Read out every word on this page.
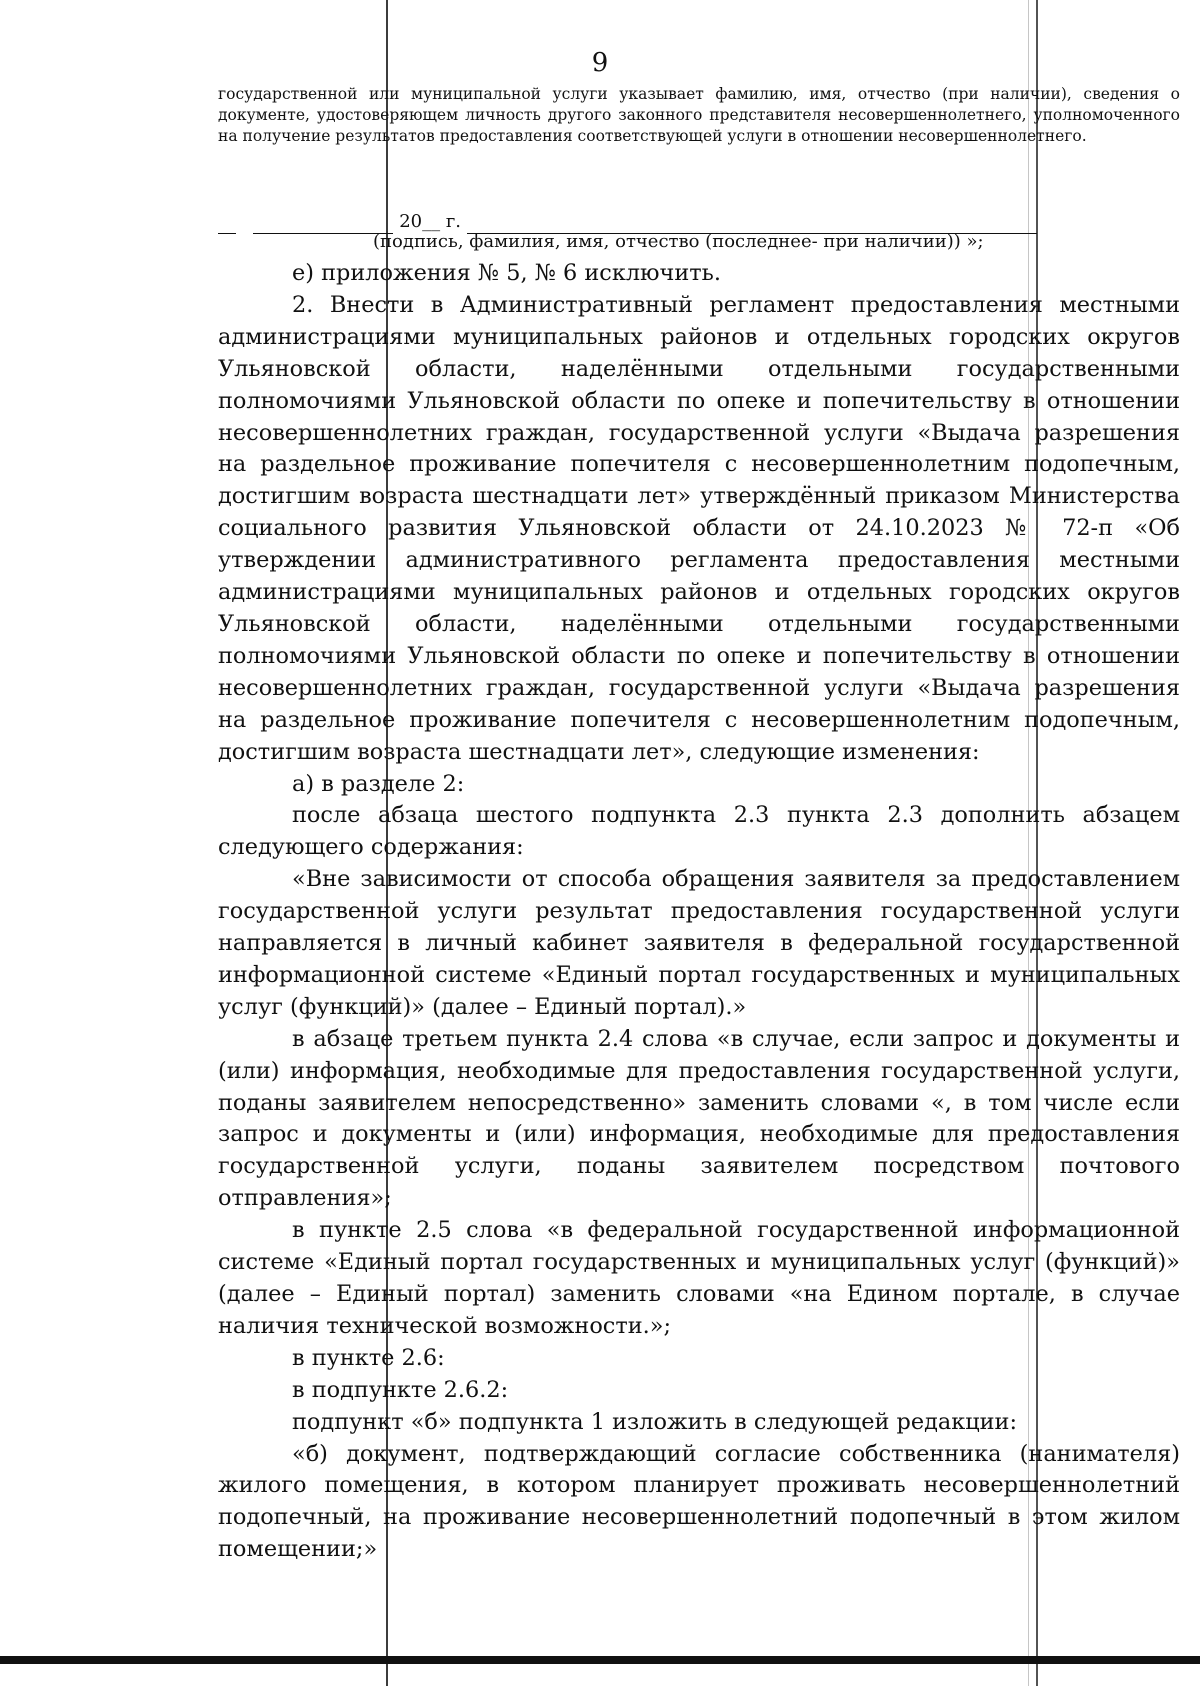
9
государственной или муниципальной услуги указывает фамилию, имя, отчество (при наличии), сведения о документе, удостоверяющем личность другого законного представителя несовершеннолетнего, уполномоченного на получение результатов предоставления соответствующей услуги в отношении несовершеннолетнего.
20__ г.
(подпись, фамилия, имя, отчество (последнее- при наличии)) »;

е) приложения № 5, № 6 исключить.

2. Внести в Административный регламент предоставления местными администрациями муниципальных районов и отдельных городских округов Ульяновской области, наделёнными отдельными государственными полномочиями Ульяновской области по опеке и попечительству в отношении несовершеннолетних граждан, государственной услуги «Выдача разрешения на раздельное проживание попечителя с несовершеннолетним подопечным, достигшим возраста шестнадцати лет» утверждённый приказом Министерства социального развития Ульяновской области от 24.10.2023 № 72-п «Об утверждении административного регламента предоставления местными администрациями муниципальных районов и отдельных городских округов Ульяновской области, наделёнными отдельными государственными полномочиями Ульяновской области по опеке и попечительству в отношении несовершеннолетних граждан, государственной услуги «Выдача разрешения на раздельное проживание попечителя с несовершеннолетним подопечным, достигшим возраста шестнадцати лет», следующие изменения:

а) в разделе 2:

после абзаца шестого подпункта 2.3 пункта 2.3 дополнить абзацем следующего содержания:

«Вне зависимости от способа обращения заявителя за предоставлением государственной услуги результат предоставления государственной услуги направляется в личный кабинет заявителя в федеральной государственной информационной системе «Единый портал государственных и муниципальных услуг (функций)» (далее – Единый портал).»

в абзаце третьем пункта 2.4 слова «в случае, если запрос и документы и (или) информация, необходимые для предоставления государственной услуги, поданы заявителем непосредственно» заменить словами «, в том числе если запрос и документы и (или) информация, необходимые для предоставления государственной услуги, поданы заявителем посредством почтового отправления»;

в пункте 2.5 слова «в федеральной государственной информационной системе «Единый портал государственных и муниципальных услуг (функций)» (далее – Единый портал) заменить словами «на Едином портале, в случае наличия технической возможности.»;

в пункте 2.6:

в подпункте 2.6.2:

подпункт «б» подпункта 1 изложить в следующей редакции:

«б) документ, подтверждающий согласие собственника (нанимателя) жилого помещения, в котором планирует проживать несовершеннолетний подопечный, на проживание несовершеннолетний подопечный в этом жилом помещении;»
